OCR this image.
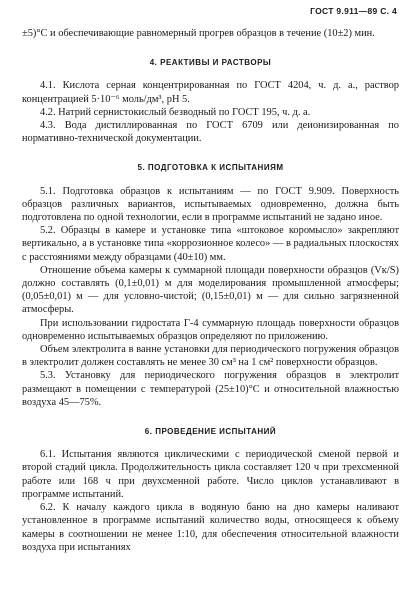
ГОСТ 9.911—89 С. 4

±5)°С и обеспечивающие равномерный прогрев образцов в течение (10±2) мин.

4. РЕАКТИВЫ И РАСТВОРЫ

4.1. Кислота серная концентрированная по ГОСТ 4204, ч. д. а., раствор концентрацией 5·10⁻⁶ моль/дм³, рН 5.

4.2. Натрий сернистокислый безводный по ГОСТ 195, ч. д. а.

4.3. Вода дистиллированная по ГОСТ 6709 или деионизированная по нормативно-технической документации.

5. ПОДГОТОВКА К ИСПЫТАНИЯМ

5.1. Подготовка образцов к испытаниям — по ГОСТ 9.909. Поверхность образцов различных вариантов, испытываемых одновременно, должна быть подготовлена по одной технологии, если в программе испытаний не задано иное.

5.2. Образцы в камере и установке типа «штоковое коромысло» закрепляют вертикально, а в установке типа «коррозионное колесо» — в радиальных плоскостях с расстояниями между образцами (40±10) мм.

Отношение объема камеры к суммарной площади поверхности образцов (Vк/S) должно составлять (0,1±0,01) м для моделирования промышленной атмосферы; (0,05±0,01) м — для условно-чистой; (0,15±0,01) м — для сильно загрязненной атмосферы.

При использовании гидростата Г-4 суммарную площадь поверхности образцов одновременно испытываемых образцов определяют по приложению.

Объем электролита в ванне установки для периодического погружения образцов в электролит должен составлять не менее 30 см³ на 1 см² поверхности образцов.

5.3. Установку для периодического погружения образцов в электролит размещают в помещении с температурой (25±10)°С и относительной влажностью воздуха 45—75%.

6. ПРОВЕДЕНИЕ ИСПЫТАНИЙ

6.1. Испытания являются циклическими с периодической сменой первой и второй стадий цикла. Продолжительность цикла составляет 120 ч при трехсменной работе или 168 ч при двухсменной работе. Число циклов устанавливают в программе испытаний.

6.2. К началу каждого цикла в водяную баню на дно камеры наливают установленное в программе испытаний количество воды, относящееся к объему камеры в соотношении не менее 1:10, для обеспечения относительной влажности воздуха при испытаниях
